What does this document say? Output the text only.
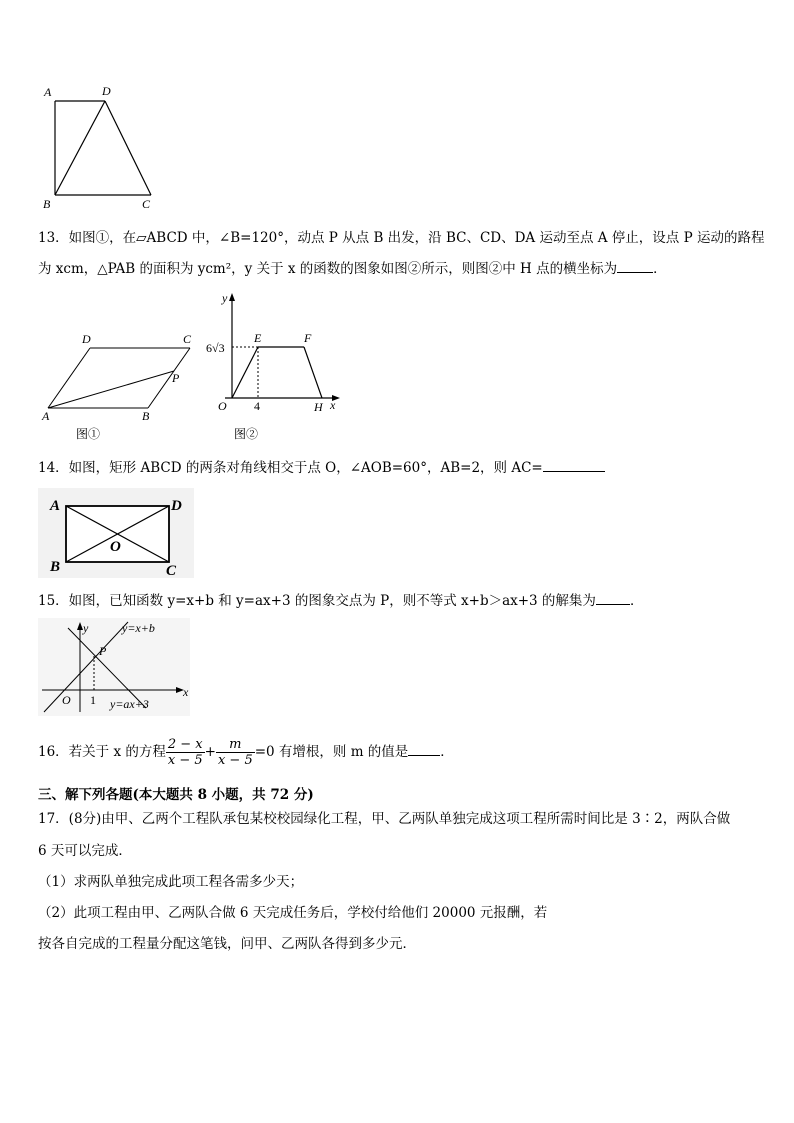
A	D
B	C
13．如图①，在▱ABCD 中，∠B=120°，动点 P 从点 B 出发，沿 BC、CD、DA 运动至点 A 停止，设点 P 运动的路程
为 xcm，△PAB 的面积为 ycm²，y 关于 x 的函数的图象如图②所示，则图②中 H 点的横坐标为	．
D	C
P
A	B
图①
y
E	F
6√3
O 4	H x
图②
14．如图，矩形 ABCD 的两条对角线相交于点 O，∠AOB=60°，AB=2，则 AC=
A	D
O
B	C
15．如图，已知函数 y=x+b 和 y=ax+3 的图象交点为 P，则不等式 x+b＞ax+3 的解集为	．
y	y=x+b
P
O 1
x
y=ax+3
16．若关于 x 的方程 $\frac{2 - x}{x - 5} + \frac{m}{x - 5} =0$ 有增根，则 m 的值是 ．
三、解下列各题(本大题共 8 小题，共 72 分)
17．(8分)由甲、乙两个工程队承包某校校园绿化工程，甲、乙两队单独完成这项工程所需时间比是 3∶2，两队合做
6 天可以完成．
（1）求两队单独完成此项工程各需多少天；
（2）此项工程由甲、乙两队合做 6 天完成任务后，学校付给他们 20000 元报酬，若
按各自完成的工程量分配这笔钱，问甲、乙两队各得到多少元．
